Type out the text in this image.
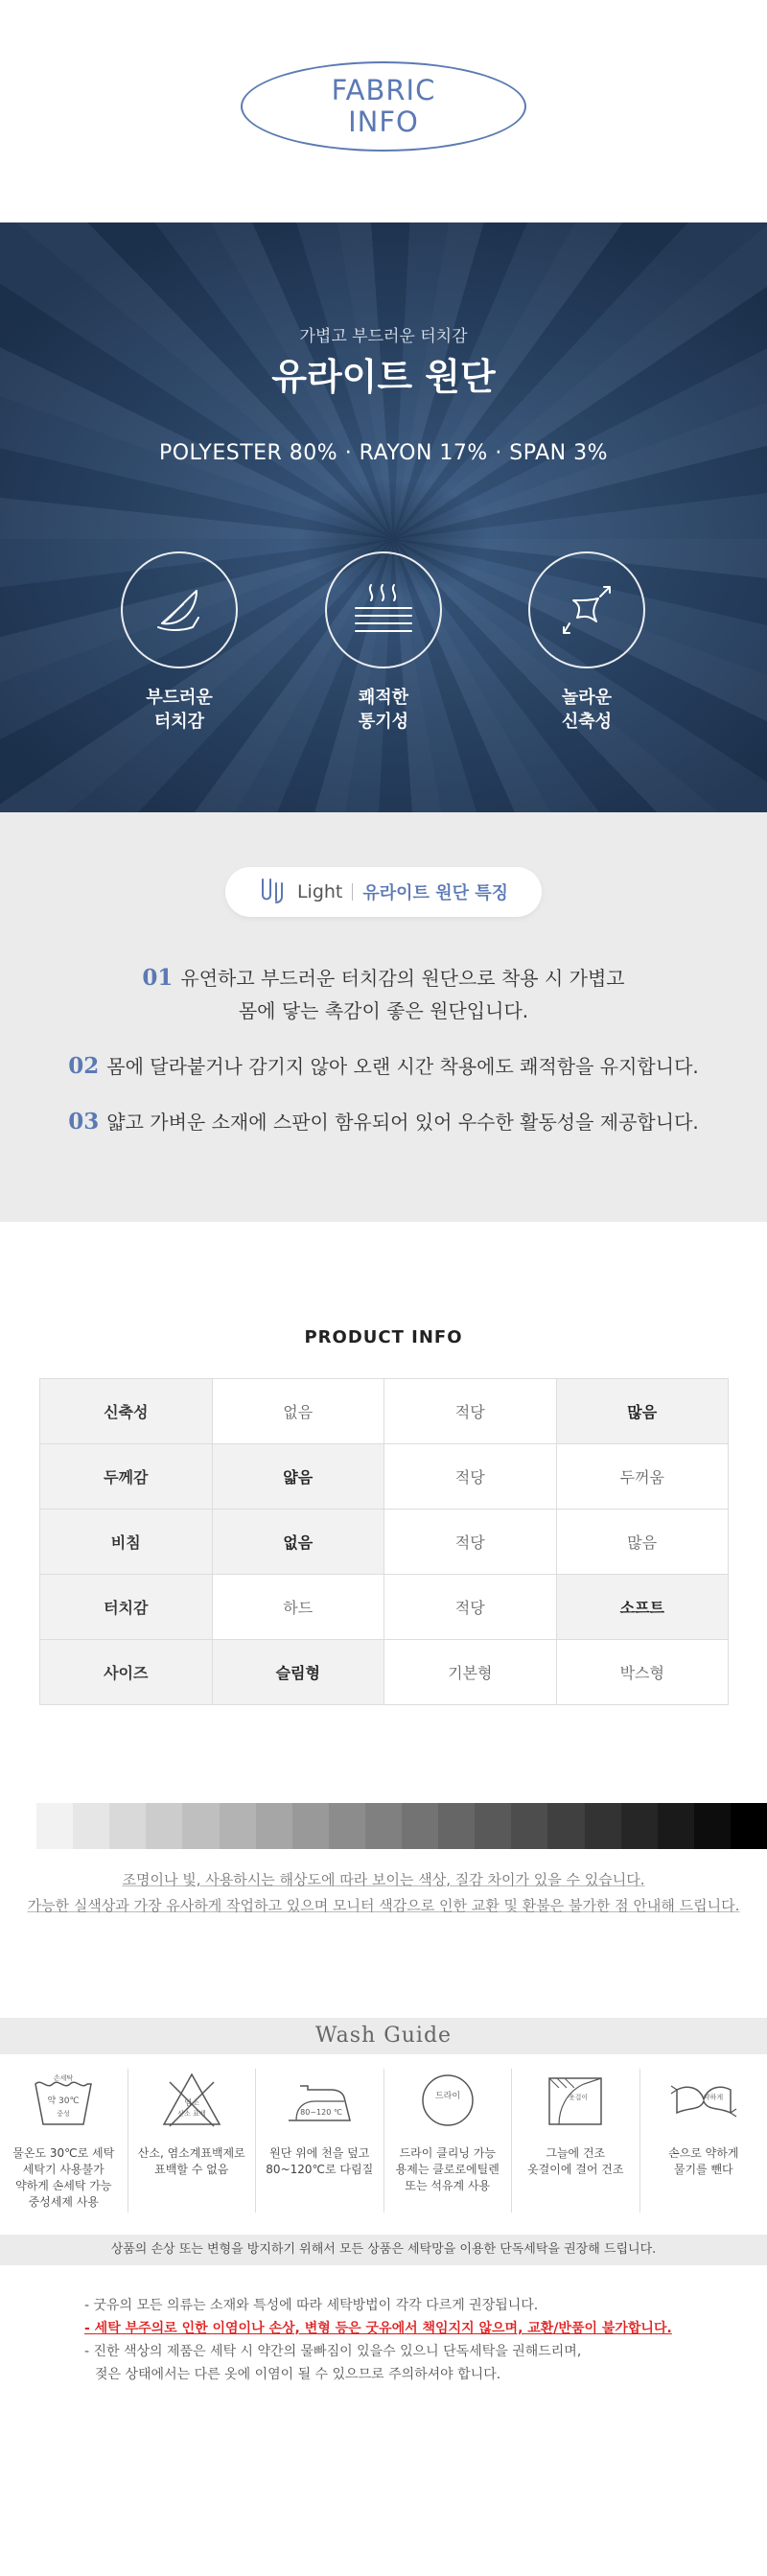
FABRIC
INFO
가볍고 부드러운 터치감
유라이트 원단
POLYESTER 80% · RAYON 17% · SPAN 3%
부드러운
터치감
쾌적한
통기성
놀라운
신축성
Light 유라이트 원단 특징
01 유연하고 부드러운 터치감의 원단으로 착용 시 가볍고
몸에 닿는 촉감이 좋은 원단입니다.
02 몸에 달라붙거나 감기지 않아 오랜 시간 착용에도 쾌적함을 유지합니다.
03 얇고 가벼운 소재에 스판이 함유되어 있어 우수한 활동성을 제공합니다.
PRODUCT INFO
신축성	없음	적당	많음
두께감	얇음	적당	두꺼움
비침	없음	적당	많음
터치감	하드	적당	소프트
사이즈	슬림형	기본형	박스형
조명이나 빛, 사용하시는 해상도에 따라 보이는 색상, 질감 차이가 있을 수 있습니다.
가능한 실색상과 가장 유사하게 작업하고 있으며 모니터 색감으로 인한 교환 및 환불은 불가한 점 안내해 드립니다.
Wash Guide
손세탁
약 30℃
중성
물온도 30℃로 세탁
세탁기 사용불가
약하게 손세탁 가능
중성세제 사용
염소
산소 표백
산소, 염소계표백제로
표백할 수 없음
80~120 ℃
원단 위에 천을 덮고
80~120℃로 다림질
드라이
드라이 클리닝 가능
용제는 클로로에틸렌
또는 석유계 사용
옷걸이
그늘에 건조
옷걸이에 걸어 건조
약하게
손으로 약하게
물기를 뺀다
상품의 손상 또는 변형을 방지하기 위해서 모든 상품은 세탁망을 이용한 단독세탁을 권장해 드립니다.
- 굿유의 모든 의류는 소재와 특성에 따라 세탁방법이 각각 다르게 권장됩니다.
- 세탁 부주의로 인한 이염이나 손상, 변형 등은 굿유에서 책임지지 않으며, 교환/반품이 불가합니다.
- 진한 색상의 제품은 세탁 시 약간의 물빠짐이 있을수 있으니 단독세탁을 권해드리며,
젖은 상태에서는 다른 옷에 이염이 될 수 있으므로 주의하셔야 합니다.
